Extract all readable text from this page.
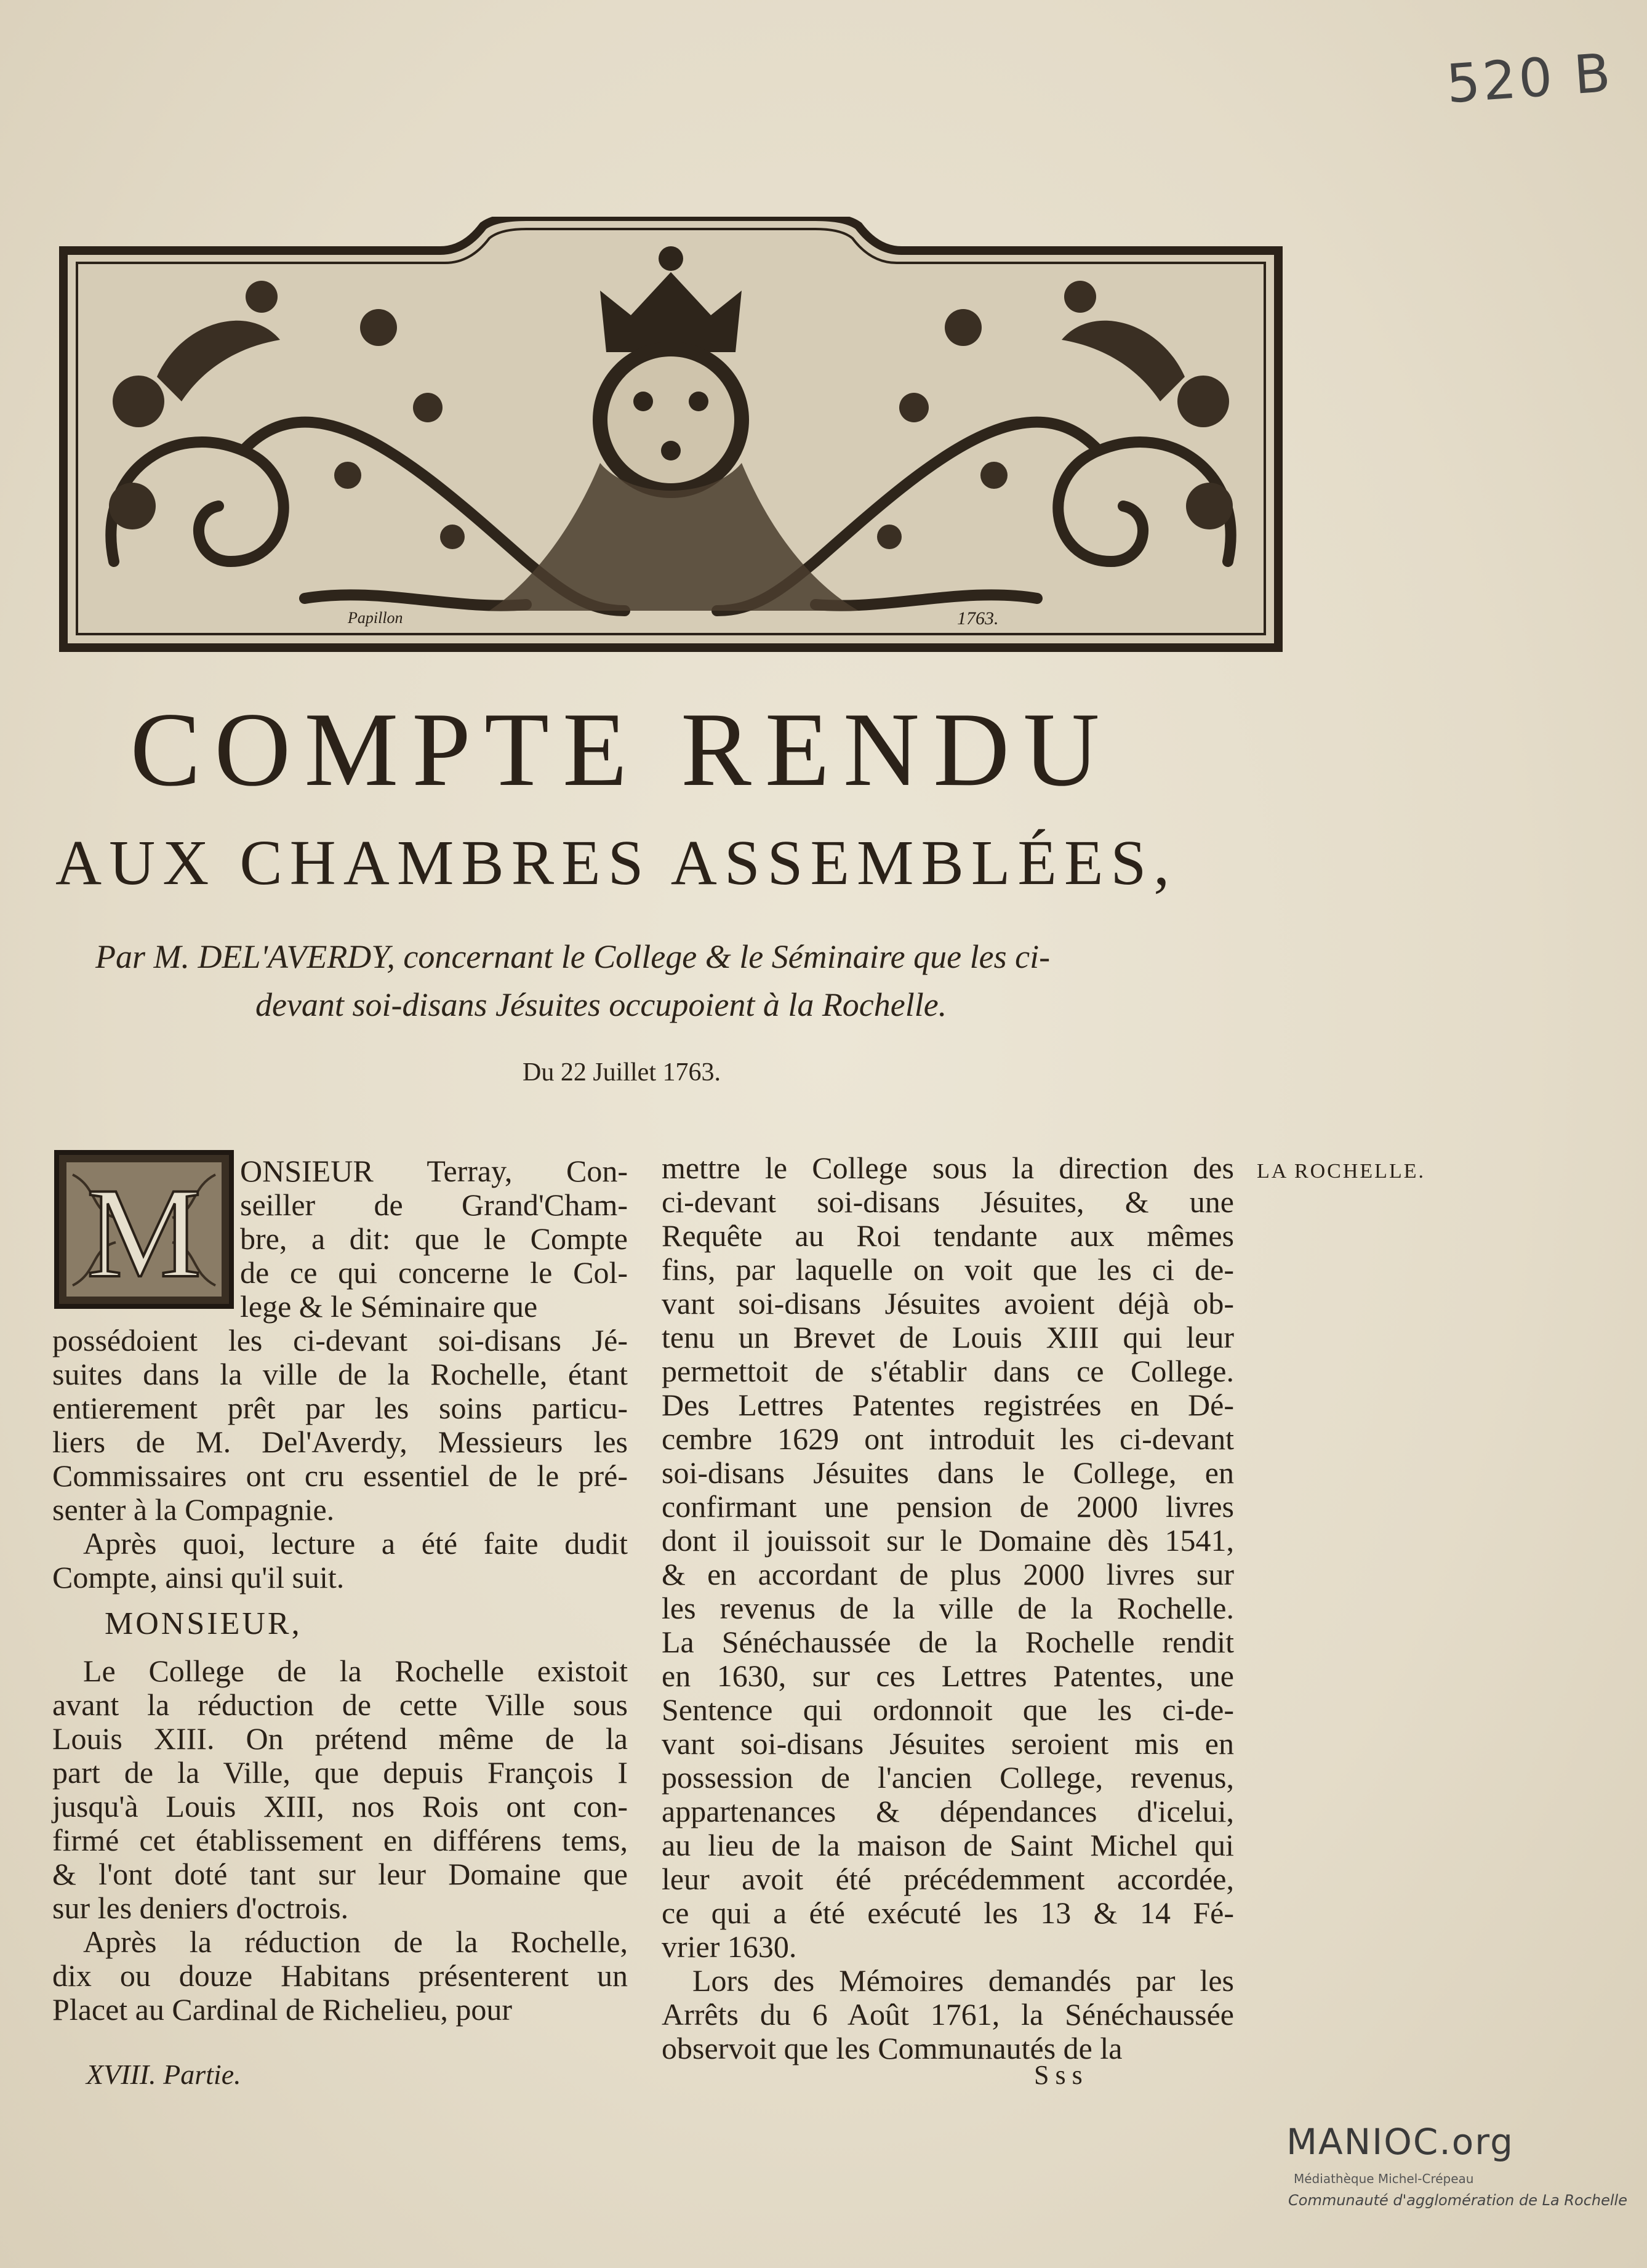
520 B
Papillon	1763.
COMPTE RENDU
AUX CHAMBRES ASSEMBLÉES,
Par M. DEL'AVERDY, concernant le College & le Séminaire que les ci-
devant soi-disans Jésuites occupoient à la Rochelle.
Du 22 Juillet 1763.
LA ROCHELLE.
M ONSIEUR Terray, Con-
seiller de Grand'Cham-
bre, a dit: que le Compte
de ce qui concerne le Col-
lege & le Séminaire que
possédoient les ci-devant soi-disans Jé-
suites dans la ville de la Rochelle, étant
entierement prêt par les soins particu-
liers de M. Del'Averdy, Messieurs les
Commissaires ont cru essentiel de le pré-
senter à la Compagnie.
Après quoi, lecture a été faite dudit
Compte, ainsi qu'il suit.
MONSIEUR,
Le College de la Rochelle existoit
avant la réduction de cette Ville sous
Louis XIII. On prétend même de la
part de la Ville, que depuis François I
jusqu'à Louis XIII, nos Rois ont con-
firmé cet établissement en différens tems,
& l'ont doté tant sur leur Domaine que
sur les deniers d'octrois.
Après la réduction de la Rochelle,
dix ou douze Habitans présenterent un
Placet au Cardinal de Richelieu, pour
mettre le College sous la direction des
ci-devant soi-disans Jésuites, & une
Requête au Roi tendante aux mêmes
fins, par laquelle on voit que les ci de-
vant soi-disans Jésuites avoient déjà ob-
tenu un Brevet de Louis XIII qui leur
permettoit de s'établir dans ce College.
Des Lettres Patentes registrées en Dé-
cembre 1629 ont introduit les ci-devant
soi-disans Jésuites dans le College, en
confirmant une pension de 2000 livres
dont il jouissoit sur le Domaine dès 1541,
& en accordant de plus 2000 livres sur
les revenus de la ville de la Rochelle.
La Sénéchaussée de la Rochelle rendit
en 1630, sur ces Lettres Patentes, une
Sentence qui ordonnoit que les ci-de-
vant soi-disans Jésuites seroient mis en
possession de l'ancien College, revenus,
appartenances & dépendances d'icelui,
au lieu de la maison de Saint Michel qui
leur avoit été précédemment accordée,
ce qui a été exécuté les 13 & 14 Fé-
vrier 1630.
Lors des Mémoires demandés par les
Arrêts du 6 Août 1761, la Sénéchaussée
observoit que les Communautés de la
XVIII. Partie.	Sss
MANIOC.org
Médiathèque Michel-Crépeau
Communauté d'agglomération de La Rochelle
